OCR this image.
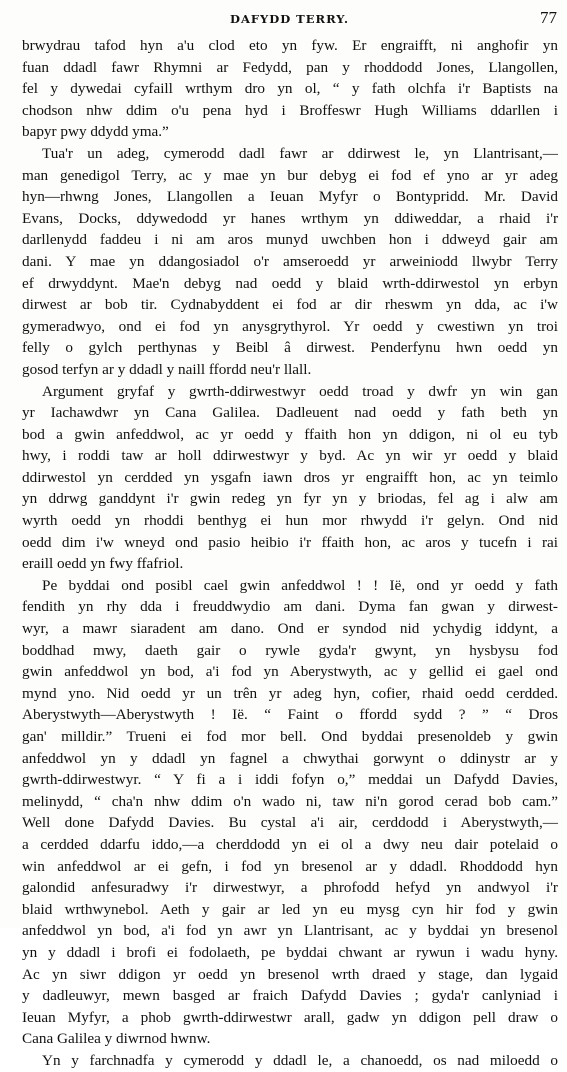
DAFYDD TERRY.	77
brwydrau tafod hyn a'u clod eto yn fyw. Er engraifft, ni anghofir yn
fuan ddadl fawr Rhymni ar Fedydd, pan y rhoddodd Jones, Llangollen,
fel y dywedai cyfaill wrthym dro yn ol, “ y fath olchfa i'r Baptists na
chodson nhw ddim o'u pena hyd i Broffeswr Hugh Williams ddarllen i
bapyr pwy ddydd yma.”
Tua'r un adeg, cymerodd dadl fawr ar ddirwest le, yn Llantrisant,—
man genedigol Terry, ac y mae yn bur debyg ei fod ef yno ar yr adeg
hyn—rhwng Jones, Llangollen a Ieuan Myfyr o Bontypridd. Mr. David
Evans, Docks, ddywedodd yr hanes wrthym yn ddiweddar, a rhaid i'r
darllenydd faddeu i ni am aros munyd uwchben hon i ddweyd gair am
dani. Y mae yn ddangosiadol o'r amseroedd yr arweiniodd llwybr Terry
ef drwyddynt. Mae'n debyg nad oedd y blaid wrth-ddirwestol yn erbyn
dirwest ar bob tir. Cydnabyddent ei fod ar dir rheswm yn dda, ac i'w
gymeradwyo, ond ei fod yn anysgrythyrol. Yr oedd y cwestiwn yn troi
felly o gylch perthynas y Beibl â dirwest. Penderfynu hwn oedd yn
gosod terfyn ar y ddadl y naill ffordd neu'r llall.
Argument gryfaf y gwrth-ddirwestwyr oedd troad y dwfr yn win gan
yr Iachawdwr yn Cana Galilea. Dadleuent nad oedd y fath beth yn
bod a gwin anfeddwol, ac yr oedd y ffaith hon yn ddigon, ni ol eu tyb
hwy, i roddi taw ar holl ddirwestwyr y byd. Ac yn wir yr oedd y blaid
ddirwestol yn cerdded yn ysgafn iawn dros yr engraifft hon, ac yn teimlo
yn ddrwg ganddynt i'r gwin redeg yn fyr yn y briodas, fel ag i alw am
wyrth oedd yn rhoddi benthyg ei hun mor rhwydd i'r gelyn. Ond nid
oedd dim i'w wneyd ond pasio heibio i'r ffaith hon, ac aros y tucefn i rai
eraill oedd yn fwy ffafriol.
Pe byddai ond posibl cael gwin anfeddwol ! ! Ië, ond yr oedd y fath
fendith yn rhy dda i freuddwydio am dani. Dyma fan gwan y dirwest-
wyr, a mawr siaradent am dano. Ond er syndod nid ychydig iddynt, a
boddhad mwy, daeth gair o rywle gyda'r gwynt, yn hysbysu fod
gwin anfeddwol yn bod, a'i fod yn Aberystwyth, ac y gellid ei gael ond
mynd yno. Nid oedd yr un trên yr adeg hyn, cofier, rhaid oedd cerdded.
Aberystwyth—Aberystwyth ! Ië. “ Faint o ffordd sydd ? ” “ Dros
gan' milldir.” Trueni ei fod mor bell. Ond byddai presenoldeb y gwin
anfeddwol yn y ddadl yn fagnel a chwythai gorwynt o ddinystr ar y
gwrth-ddirwestwyr. “ Y fi a i iddi fofyn o,” meddai un Dafydd Davies,
melinydd, “ cha'n nhw ddim o'n wado ni, taw ni'n gorod cerad bob cam.”
Well done Dafydd Davies. Bu cystal a'i air, cerddodd i Aberystwyth,—
a cerdded ddarfu iddo,—a cherddodd yn ei ol a dwy neu dair potelaid o
win anfeddwol ar ei gefn, i fod yn bresenol ar y ddadl. Rhoddodd hyn
galondid anfesuradwy i'r dirwestwyr, a phrofodd hefyd yn andwyol i'r
blaid wrthwynebol. Aeth y gair ar led yn eu mysg cyn hir fod y gwin
anfeddwol yn bod, a'i fod yn awr yn Llantrisant, ac y byddai yn bresenol
yn y ddadl i brofi ei fodolaeth, pe byddai chwant ar rywun i wadu hyny.
Ac yn siwr ddigon yr oedd yn bresenol wrth draed y stage, dan lygaid
y dadleuwyr, mewn basged ar fraich Dafydd Davies ; gyda'r canlyniad i
Ieuan Myfyr, a phob gwrth-ddirwestwr arall, gadw yn ddigon pell draw o
Cana Galilea y diwrnod hwnw.
Yn y farchnadfa y cymerodd y ddadl le, a chanoedd, os nad miloedd o
